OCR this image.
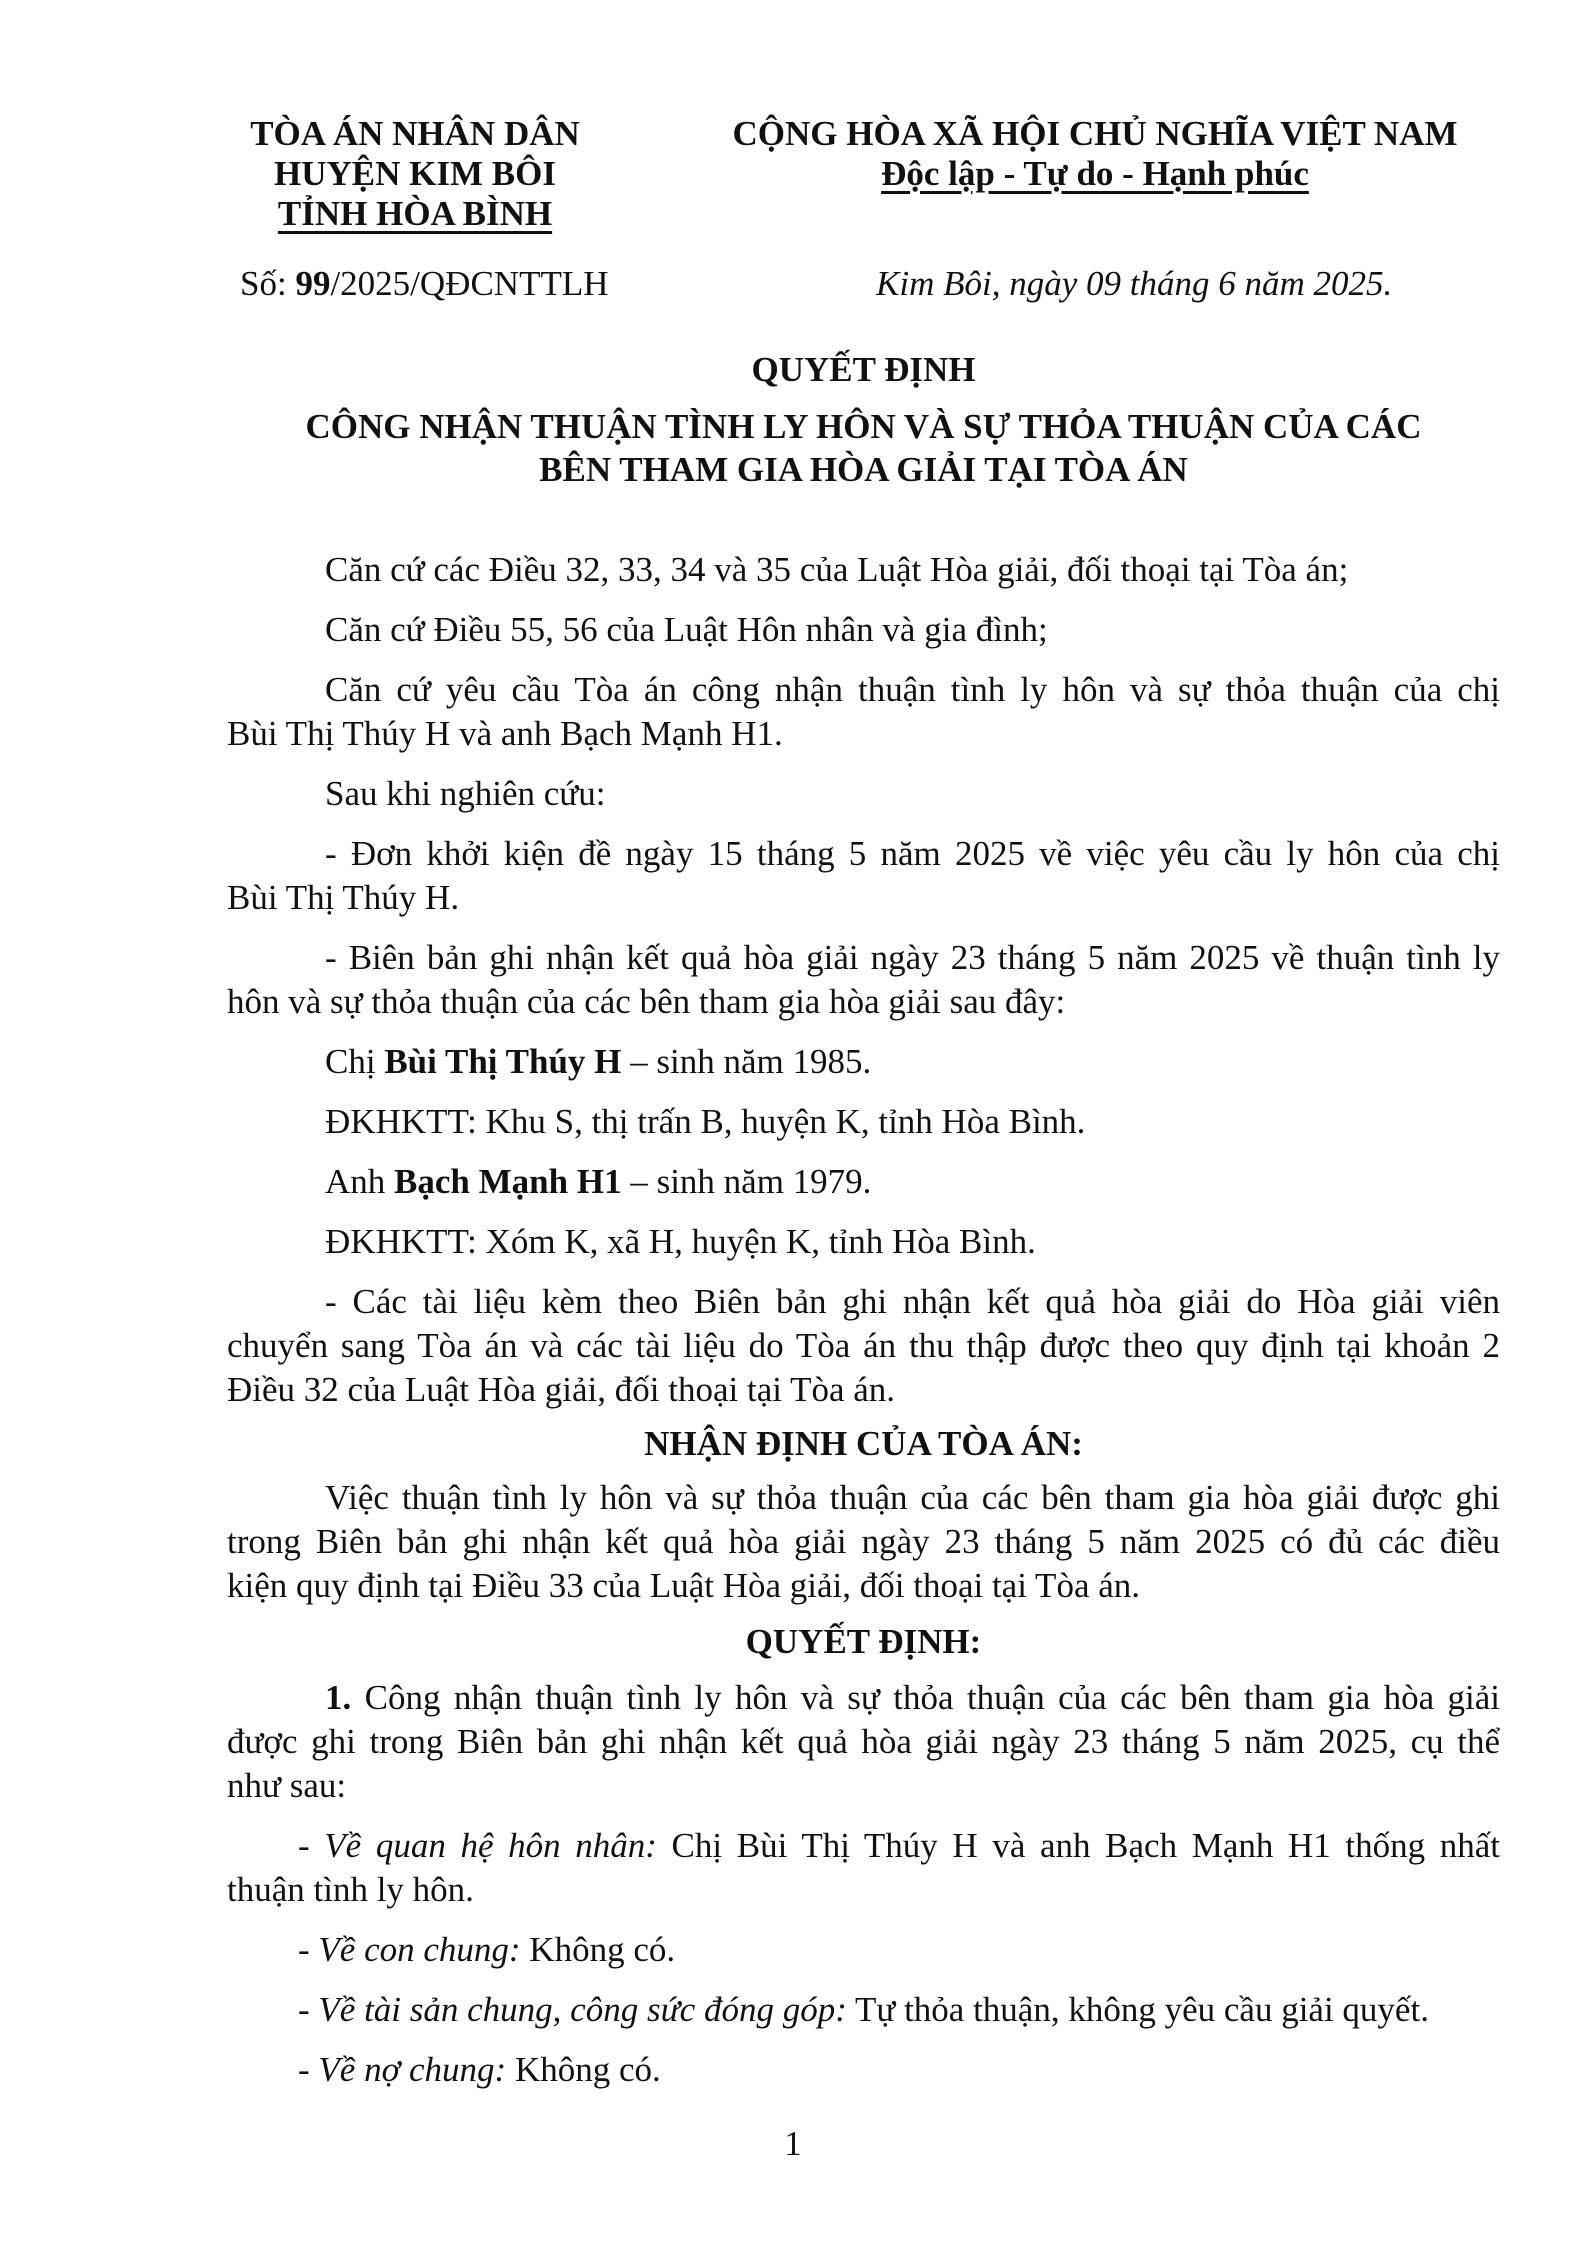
TÒA ÁN NHÂN DÂN
HUYỆN KIM BÔI
TỈNH HÒA BÌNH
CỘNG HÒA XÃ HỘI CHỦ NGHĨA VIỆT NAM
Độc lập - Tự do - Hạnh phúc
Số: 99/2025/QĐCNTTLH	Kim Bôi, ngày 09 tháng 6 năm 2025.
QUYẾT ĐỊNH
CÔNG NHẬN THUẬN TÌNH LY HÔN VÀ SỰ THỎA THUẬN CỦA CÁC
BÊN THAM GIA HÒA GIẢI TẠI TÒA ÁN
Căn cứ các Điều 32, 33, 34 và 35 của Luật Hòa giải, đối thoại tại Tòa án;
Căn cứ Điều 55, 56 của Luật Hôn nhân và gia đình;
Căn cứ yêu cầu Tòa án công nhận thuận tình ly hôn và sự thỏa thuận của chị
Bùi Thị Thúy H và anh Bạch Mạnh H1.
Sau khi nghiên cứu:
- Đơn khởi kiện đề ngày 15 tháng 5 năm 2025 về việc yêu cầu ly hôn của chị
Bùi Thị Thúy H.
- Biên bản ghi nhận kết quả hòa giải ngày 23 tháng 5 năm 2025 về thuận tình ly
hôn và sự thỏa thuận của các bên tham gia hòa giải sau đây:
Chị Bùi Thị Thúy H – sinh năm 1985.
ĐKHKTT: Khu S, thị trấn B, huyện K, tỉnh Hòa Bình.
Anh Bạch Mạnh H1 – sinh năm 1979.
ĐKHKTT: Xóm K, xã H, huyện K, tỉnh Hòa Bình.
- Các tài liệu kèm theo Biên bản ghi nhận kết quả hòa giải do Hòa giải viên
chuyển sang Tòa án và các tài liệu do Tòa án thu thập được theo quy định tại khoản 2
Điều 32 của Luật Hòa giải, đối thoại tại Tòa án.
NHẬN ĐỊNH CỦA TÒA ÁN:
Việc thuận tình ly hôn và sự thỏa thuận của các bên tham gia hòa giải được ghi
trong Biên bản ghi nhận kết quả hòa giải ngày 23 tháng 5 năm 2025 có đủ các điều
kiện quy định tại Điều 33 của Luật Hòa giải, đối thoại tại Tòa án.
QUYẾT ĐỊNH:
1. Công nhận thuận tình ly hôn và sự thỏa thuận của các bên tham gia hòa giải
được ghi trong Biên bản ghi nhận kết quả hòa giải ngày 23 tháng 5 năm 2025, cụ thể
như sau:
- Về quan hệ hôn nhân: Chị Bùi Thị Thúy H và anh Bạch Mạnh H1 thống nhất
thuận tình ly hôn.
- Về con chung: Không có.
- Về tài sản chung, công sức đóng góp: Tự thỏa thuận, không yêu cầu giải quyết.
- Về nợ chung: Không có.
1
